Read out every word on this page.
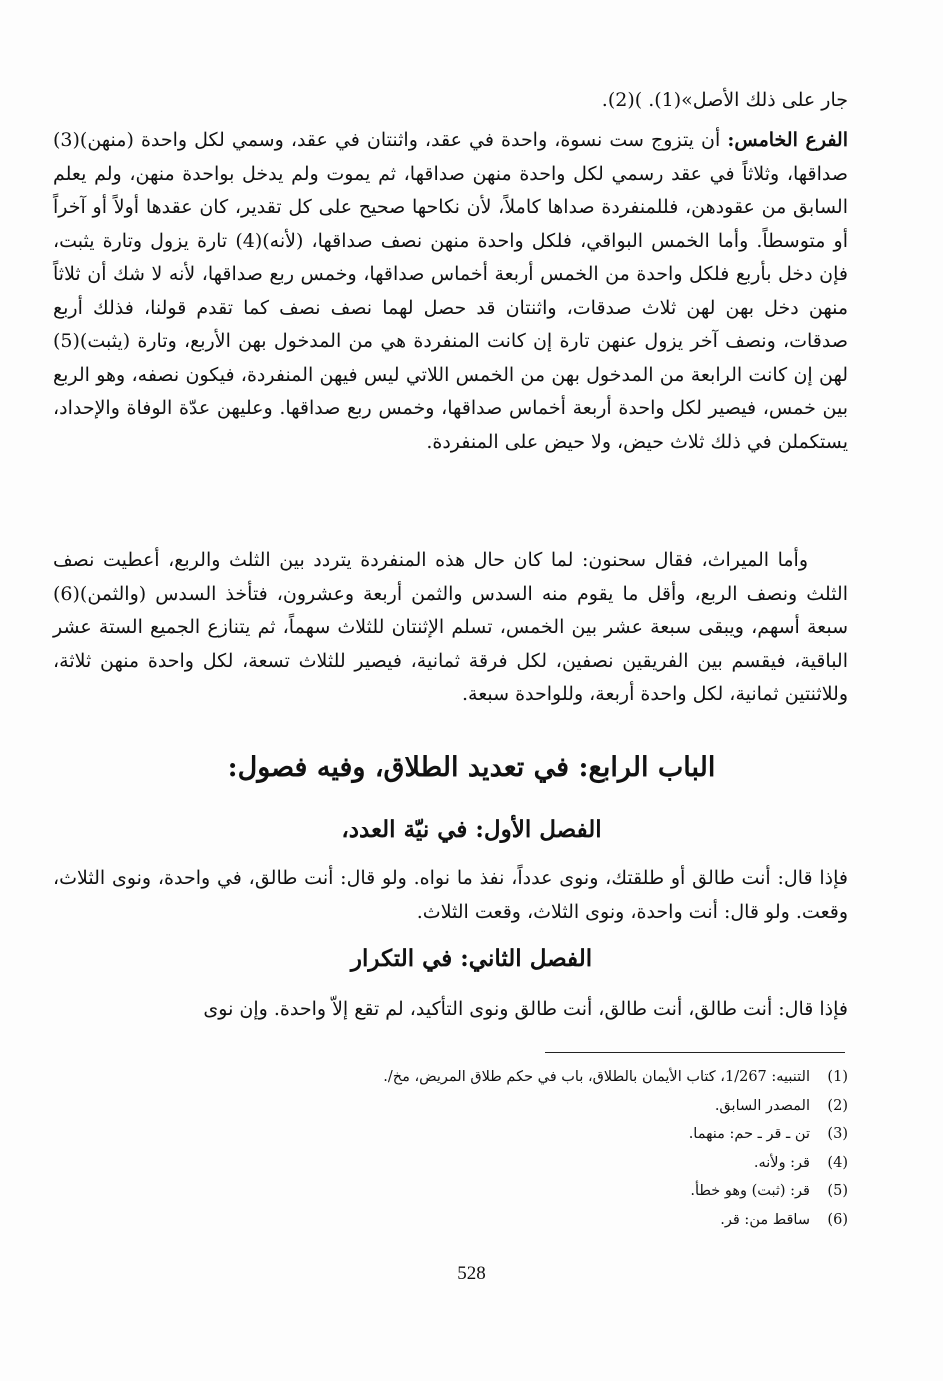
جار على ذلك الأصل»(1). )(2).
الفرع الخامس: أن يتزوج ست نسوة، واحدة في عقد، واثنتان في عقد، وسمي لكل واحدة (منهن)(3) صداقها، وثلاثاً في عقد رسمي لكل واحدة منهن صداقها، ثم يموت ولم يدخل بواحدة منهن، ولم يعلم السابق من عقودهن، فللمنفردة صداها كاملاً، لأن نكاحها صحيح على كل تقدير، كان عقدها أولاً أو آخراً أو متوسطاً. وأما الخمس البواقي، فلكل واحدة منهن نصف صداقها، (لأنه)(4) تارة يزول وتارة يثبت، فإن دخل بأربع فلكل واحدة من الخمس أربعة أخماس صداقها، وخمس ربع صداقها، لأنه لا شك أن ثلاثاً منهن دخل بهن لهن ثلاث صدقات، واثنتان قد حصل لهما نصف نصف كما تقدم قولنا، فذلك أربع صدقات، ونصف آخر يزول عنهن تارة إن كانت المنفردة هي من المدخول بهن الأربع، وتارة (يثبت)(5) لهن إن كانت الرابعة من المدخول بهن من الخمس اللاتي ليس فيهن المنفردة، فيكون نصفه، وهو الربع بين خمس، فيصير لكل واحدة أربعة أخماس صداقها، وخمس ربع صداقها. وعليهن عدّة الوفاة والإحداد، يستكملن في ذلك ثلاث حيض، ولا حيض على المنفردة.
وأما الميراث، فقال سحنون: لما كان حال هذه المنفردة يتردد بين الثلث والربع، أعطيت نصف الثلث ونصف الربع، وأقل ما يقوم منه السدس والثمن أربعة وعشرون، فتأخذ السدس (والثمن)(6) سبعة أسهم، ويبقى سبعة عشر بين الخمس، تسلم الإثنتان للثلاث سهماً، ثم يتنازع الجميع الستة عشر الباقية، فيقسم بين الفريقين نصفين، لكل فرقة ثمانية، فيصير للثلاث تسعة، لكل واحدة منهن ثلاثة، وللاثنتين ثمانية، لكل واحدة أربعة، وللواحدة سبعة.
الباب الرابع: في تعديد الطلاق، وفيه فصول:
الفصل الأول: في نيّة العدد،
فإذا قال: أنت طالق أو طلقتك، ونوى عدداً، نفذ ما نواه. ولو قال: أنت طالق، في واحدة، ونوى الثلاث، وقعت. ولو قال: أنت واحدة، ونوى الثلاث، وقعت الثلاث.
الفصل الثاني: في التكرار
فإذا قال: أنت طالق، أنت طالق، أنت طالق ونوى التأكيد، لم تقع إلاّ واحدة. وإن نوى
(1)التنبيه: 1/267، كتاب الأيمان بالطلاق، باب في حكم طلاق المريض، مخ/.
(2)المصدر السابق.
(3)تن ـ قر ـ حم: منهما.
(4)قر: ولأنه.
(5)قر: (ثبت) وهو خطأ.
(6)ساقط من: قر.
528
